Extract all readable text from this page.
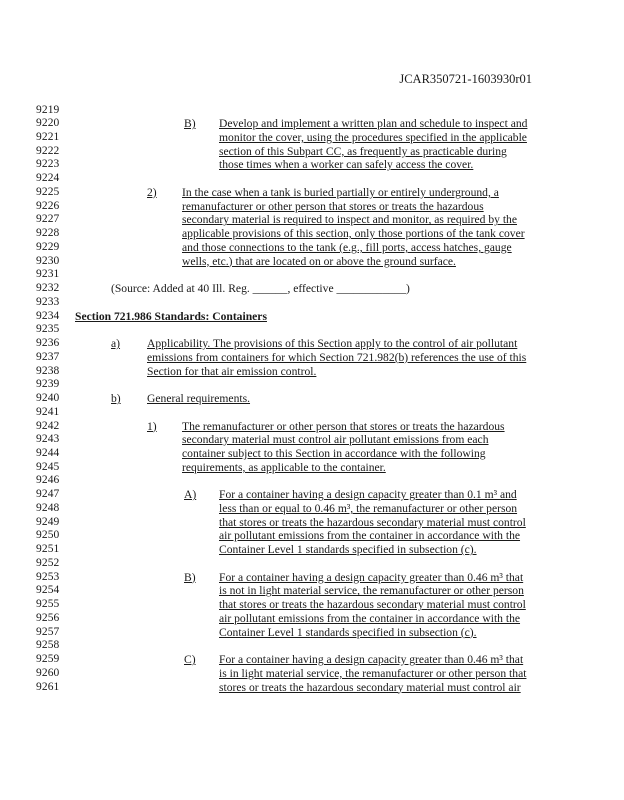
JCAR350721-1603930r01
9219
9220	B) Develop and implement a written plan and schedule to inspect and
9221	monitor the cover, using the procedures specified in the applicable
9222	section of this Subpart CC, as frequently as practicable during
9223	those times when a worker can safely access the cover.
9224
9225	2) In the case when a tank is buried partially or entirely underground, a
9226	remanufacturer or other person that stores or treats the hazardous
9227	secondary material is required to inspect and monitor, as required by the
9228	applicable provisions of this section, only those portions of the tank cover
9229	and those connections to the tank (e.g., fill ports, access hatches, gauge
9230	wells, etc.) that are located on or above the ground surface.
9231
9232	(Source: Added at 40 Ill. Reg. ______, effective ____________)
9233
9234 Section 721.986 Standards: Containers
9235
9236	a) Applicability. The provisions of this Section apply to the control of air pollutant
9237	emissions from containers for which Section 721.982(b) references the use of this
9238	Section for that air emission control.
9239
9240	b) General requirements.
9241
9242	1) The remanufacturer or other person that stores or treats the hazardous
9243	secondary material must control air pollutant emissions from each
9244	container subject to this Section in accordance with the following
9245	requirements, as applicable to the container.
9246
9247	A) For a container having a design capacity greater than 0.1 m³ and
9248	less than or equal to 0.46 m³, the remanufacturer or other person
9249	that stores or treats the hazardous secondary material must control
9250	air pollutant emissions from the container in accordance with the
9251	Container Level 1 standards specified in subsection (c).
9252
9253	B) For a container having a design capacity greater than 0.46 m³ that
9254	is not in light material service, the remanufacturer or other person
9255	that stores or treats the hazardous secondary material must control
9256	air pollutant emissions from the container in accordance with the
9257	Container Level 1 standards specified in subsection (c).
9258
9259	C) For a container having a design capacity greater than 0.46 m³ that
9260	is in light material service, the remanufacturer or other person that
9261	stores or treats the hazardous secondary material must control air
